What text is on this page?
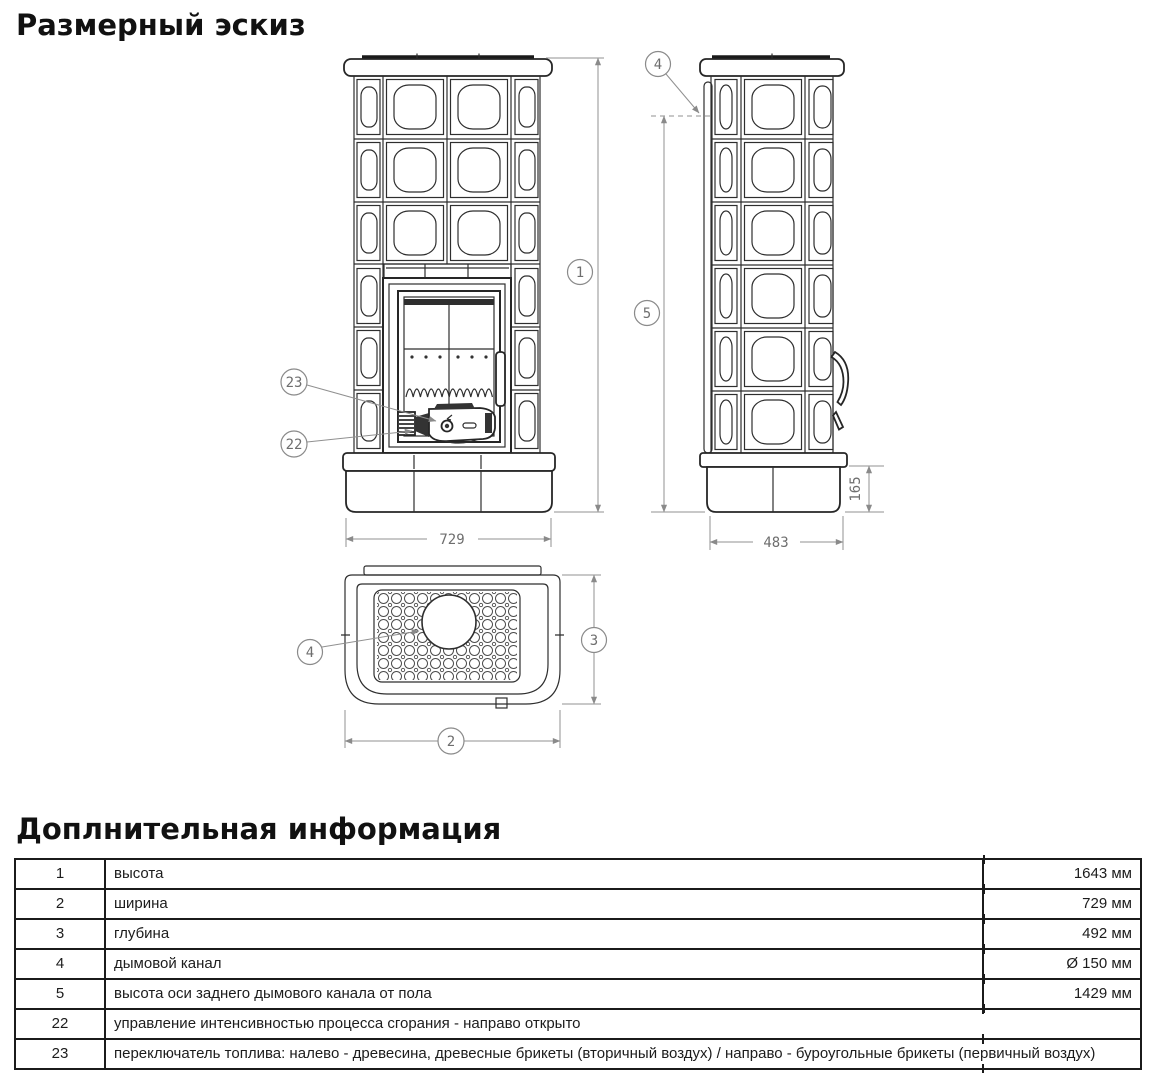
Размерный эскиз
1
729
23
22
4
5
483
165
4
3
2
Доплнительная информация
1	высота	1643 мм
2	ширина	729 мм
3	глубина	492 мм
4	дымовой канал	Ø 150 мм
5	высота оси заднего дымового канала от пола	1429 мм
22	управление интенсивностью процесса сгорания - направо открыто	
23	переключатель топлива: налево - древесина, древесные брикеты (вторичный воздух) / направо - буроугольные брикеты (первичный воздух)	
